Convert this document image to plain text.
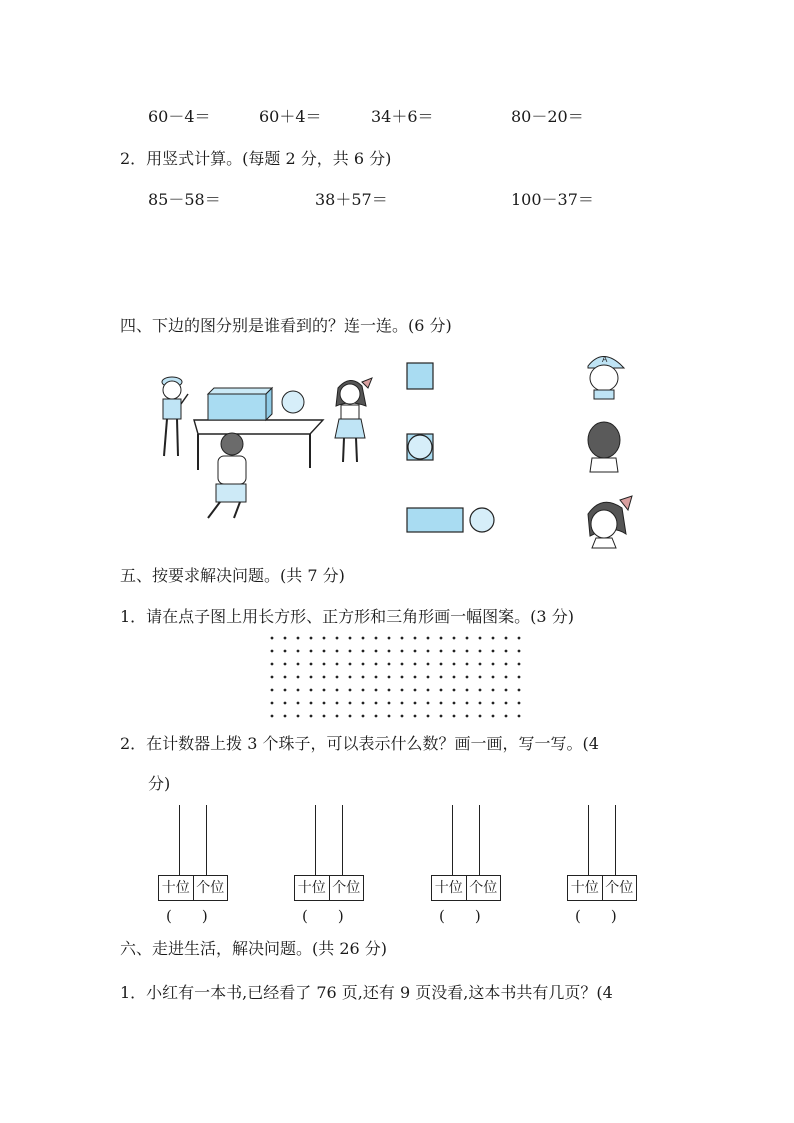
60－4＝	60＋4＝	34＋6＝	80－20＝
2．用竖式计算。(每题 2 分，共 6 分)
85－58＝	38＋57＝	100－37＝
四、下边的图分别是谁看到的？连一连。(6 分)
A
五、按要求解决问题。(共 7 分)
1．请在点子图上用长方形、正方形和三角形画一幅图案。(3 分)
2．在计数器上拨 3 个珠子，可以表示什么数？画一画，写一写。(4
分)
十位 个位
(　　)
十位 个位
(　　)
十位 个位
(　　)
十位 个位
(　　)
六、走进生活，解决问题。(共 26 分)
1．小红有一本书,已经看了 76 页,还有 9 页没看,这本书共有几页？(4
